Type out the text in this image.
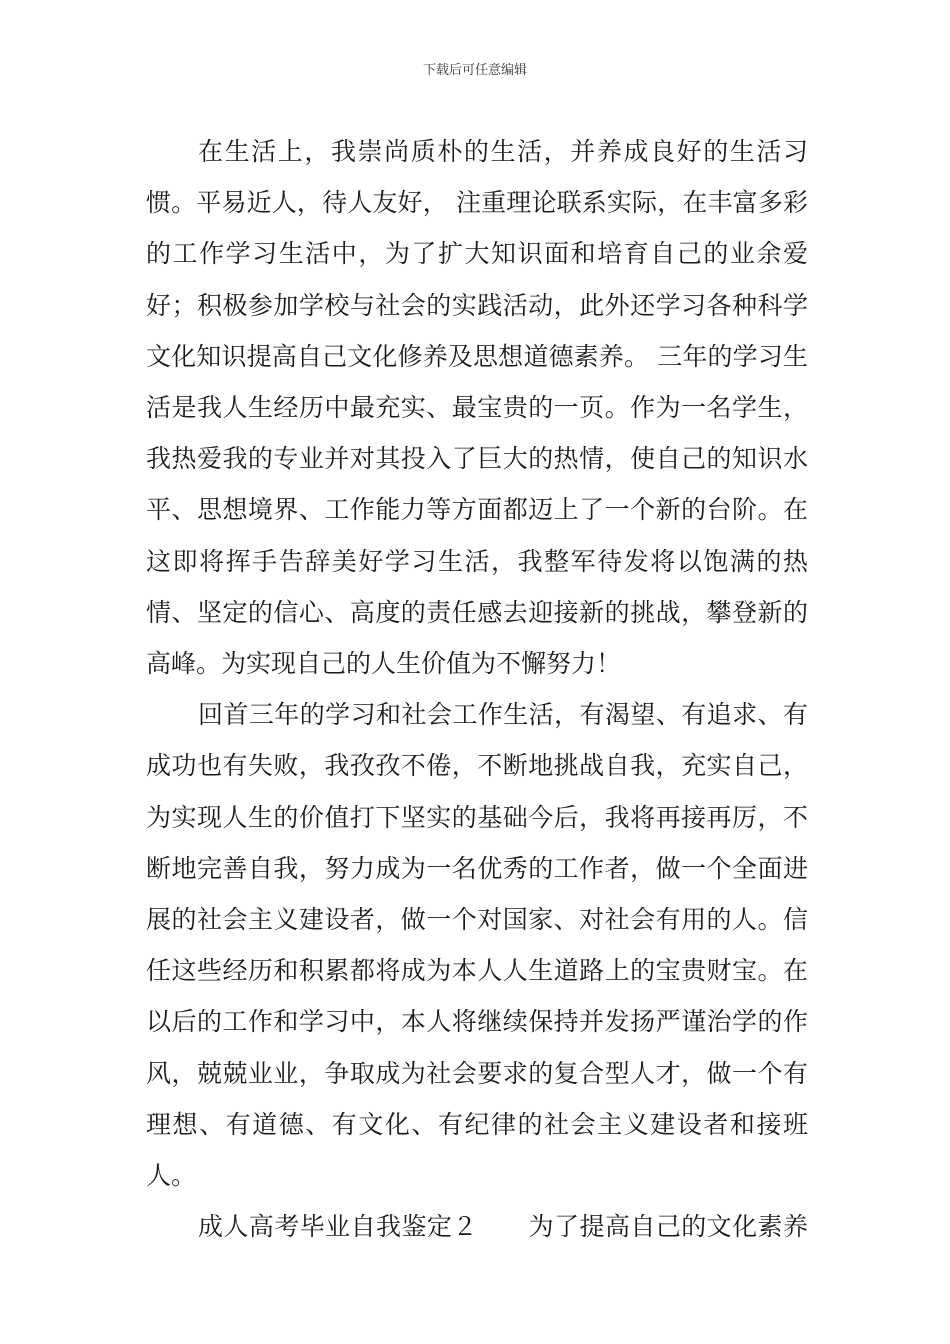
下载后可任意编辑

在生活上，我崇尚质朴的生活，并养成良好的生活习惯。平易近人，待人友好， 注重理论联系实际，在丰富多彩的工作学习生活中，为了扩大知识面和培育自己的业余爱好；积极参加学校与社会的实践活动，此外还学习各种科学文化知识提高自己文化修养及思想道德素养。 三年的学习生活是我人生经历中最充实、最宝贵的一页。作为一名学生，我热爱我的专业并对其投入了巨大的热情，使自己的知识水平、思想境界、工作能力等方面都迈上了一个新的台阶。在这即将挥手告辞美好学习生活，我整军待发将以饱满的热情、坚定的信心、高度的责任感去迎接新的挑战，攀登新的高峰。为实现自己的人生价值为不懈努力！

回首三年的学习和社会工作生活，有渴望、有追求、有成功也有失败，我孜孜不倦，不断地挑战自我，充实自己，为实现人生的价值打下坚实的基础今后，我将再接再厉，不断地完善自我，努力成为一名优秀的工作者，做一个全面进展的社会主义建设者，做一个对国家、对社会有用的人。信任这些经历和积累都将成为本人人生道路上的宝贵财宝。在以后的工作和学习中，本人将继续保持并发扬严谨治学的作风，兢兢业业，争取成为社会要求的复合型人才，做一个有理想、有道德、有文化、有纪律的社会主义建设者和接班人。

成人高考毕业自我鉴定２　　为了提高自己的文化素养
